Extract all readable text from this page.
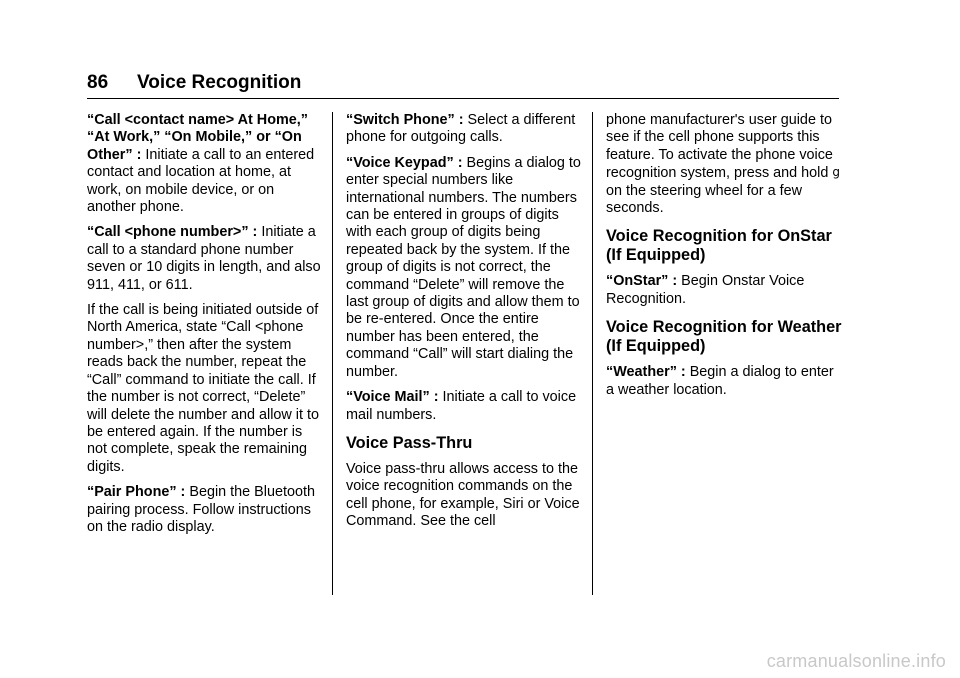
86 Voice Recognition

“Call <contact name> At Home,” “At Work,” “On Mobile,” or “On Other” : Initiate a call to an entered contact and location at home, at work, on mobile device, or on another phone.

“Call <phone number>” : Initiate a call to a standard phone number seven or 10 digits in length, and also 911, 411, or 611.

If the call is being initiated outside of North America, state “Call <phone number>,” then after the system reads back the number, repeat the “Call” command to initiate the call. If the number is not correct, “Delete” will delete the number and allow it to be entered again. If the number is not complete, speak the remaining digits.

“Pair Phone” : Begin the Bluetooth pairing process. Follow instructions on the radio display.

“Switch Phone” : Select a different phone for outgoing calls.

“Voice Keypad” : Begins a dialog to enter special numbers like international numbers. The numbers can be entered in groups of digits with each group of digits being repeated back by the system. If the group of digits is not correct, the command “Delete” will remove the last group of digits and allow them to be re-entered. Once the entire number has been entered, the command “Call” will start dialing the number.

“Voice Mail” : Initiate a call to voice mail numbers.

Voice Pass-Thru

Voice pass-thru allows access to the voice recognition commands on the cell phone, for example, Siri or Voice Command. See the cell

phone manufacturer's user guide to see if the cell phone supports this feature. To activate the phone voice recognition system, press and hold g on the steering wheel for a few seconds.

Voice Recognition for OnStar (If Equipped)

“OnStar” : Begin Onstar Voice Recognition.

Voice Recognition for Weather (If Equipped)

“Weather” : Begin a dialog to enter a weather location.

carmanualsonline.info
